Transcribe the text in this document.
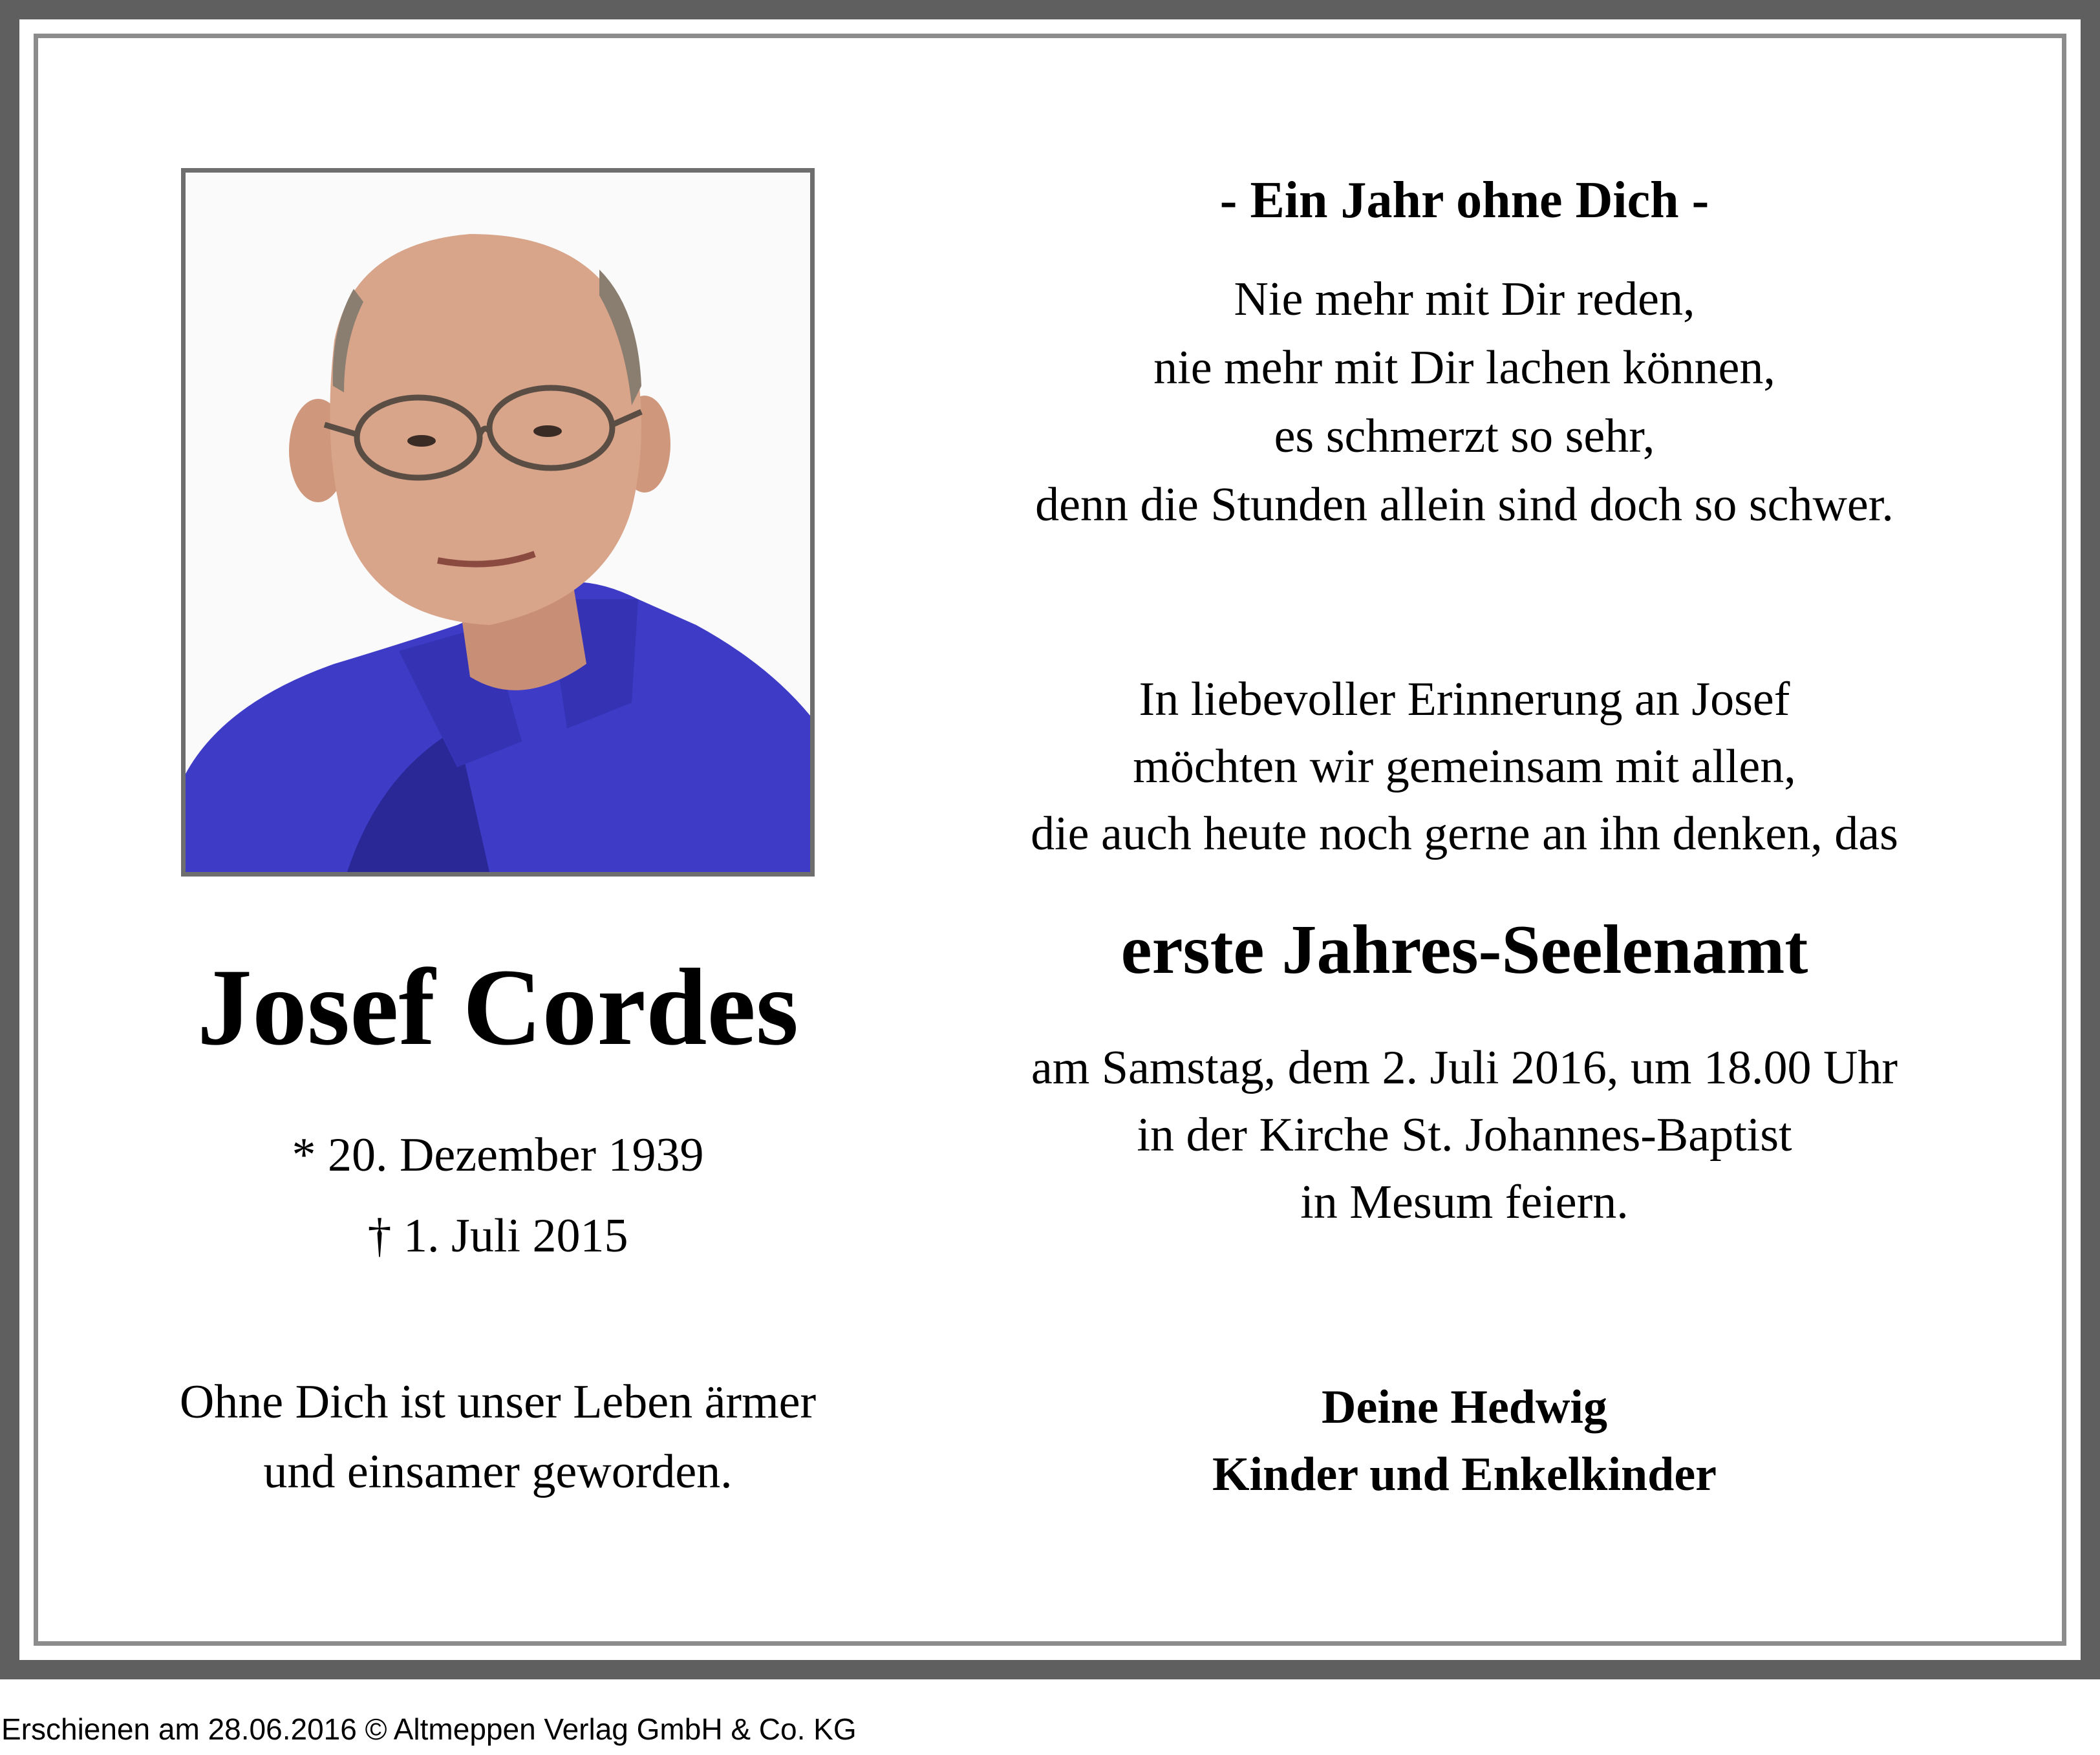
Josef Cordes
* 20. Dezember 1939
† 1. Juli 2015
Ohne Dich ist unser Leben ärmer
und einsamer geworden.
- Ein Jahr ohne Dich -
Nie mehr mit Dir reden,
nie mehr mit Dir lachen können,
es schmerzt so sehr,
denn die Stunden allein sind doch so schwer.
In liebevoller Erinnerung an Josef
möchten wir gemeinsam mit allen,
die auch heute noch gerne an ihn denken, das
erste Jahres-Seelenamt
am Samstag, dem 2. Juli 2016, um 18.00 Uhr
in der Kirche St. Johannes-Baptist
in Mesum feiern.
Deine Hedwig
Kinder und Enkelkinder
Erschienen am 28.06.2016 © Altmeppen Verlag GmbH & Co. KG
